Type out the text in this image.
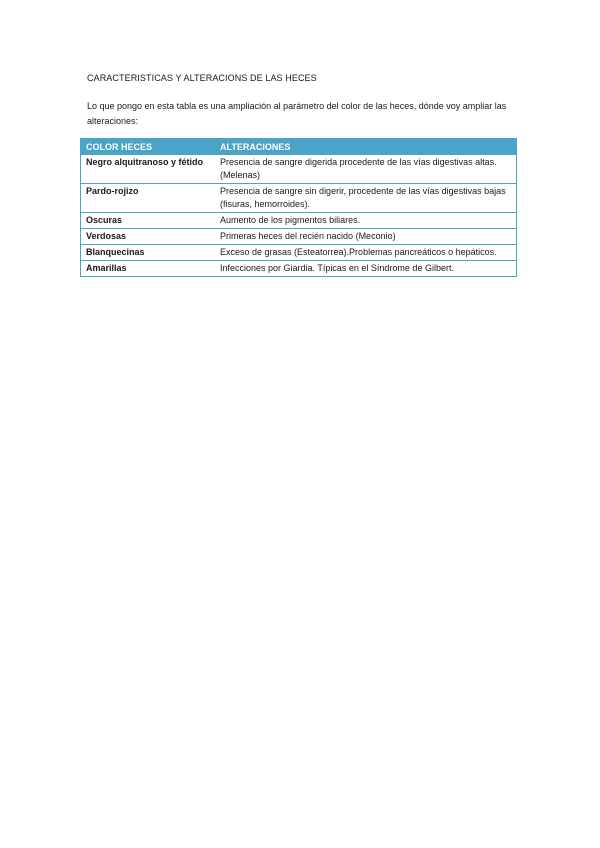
CARACTERISTICAS Y ALTERACIONS DE LAS HECES
Lo que pongo en esta tabla es una ampliación al parámetro del color de las heces, dónde voy ampliar las alteraciones:
COLOR HECES	ALTERACIONES
Negro alquitranoso y fétido	Presencia de sangre digerida procedente de las vías digestivas altas. (Melenas)
Pardo-rojizo	Presencia de sangre sin digerir, procedente de las vías digestivas bajas (fisuras, hemorroides).
Oscuras	Aumento de los pigmentos biliares.
Verdosas	Primeras heces del recién nacido (Meconio)
Blanquecinas	Exceso de grasas (Esteatorrea).Problemas pancreáticos o hepáticos.
Amarillas	Infecciones por Giardia. Típicas en el Síndrome de Gilbert.
